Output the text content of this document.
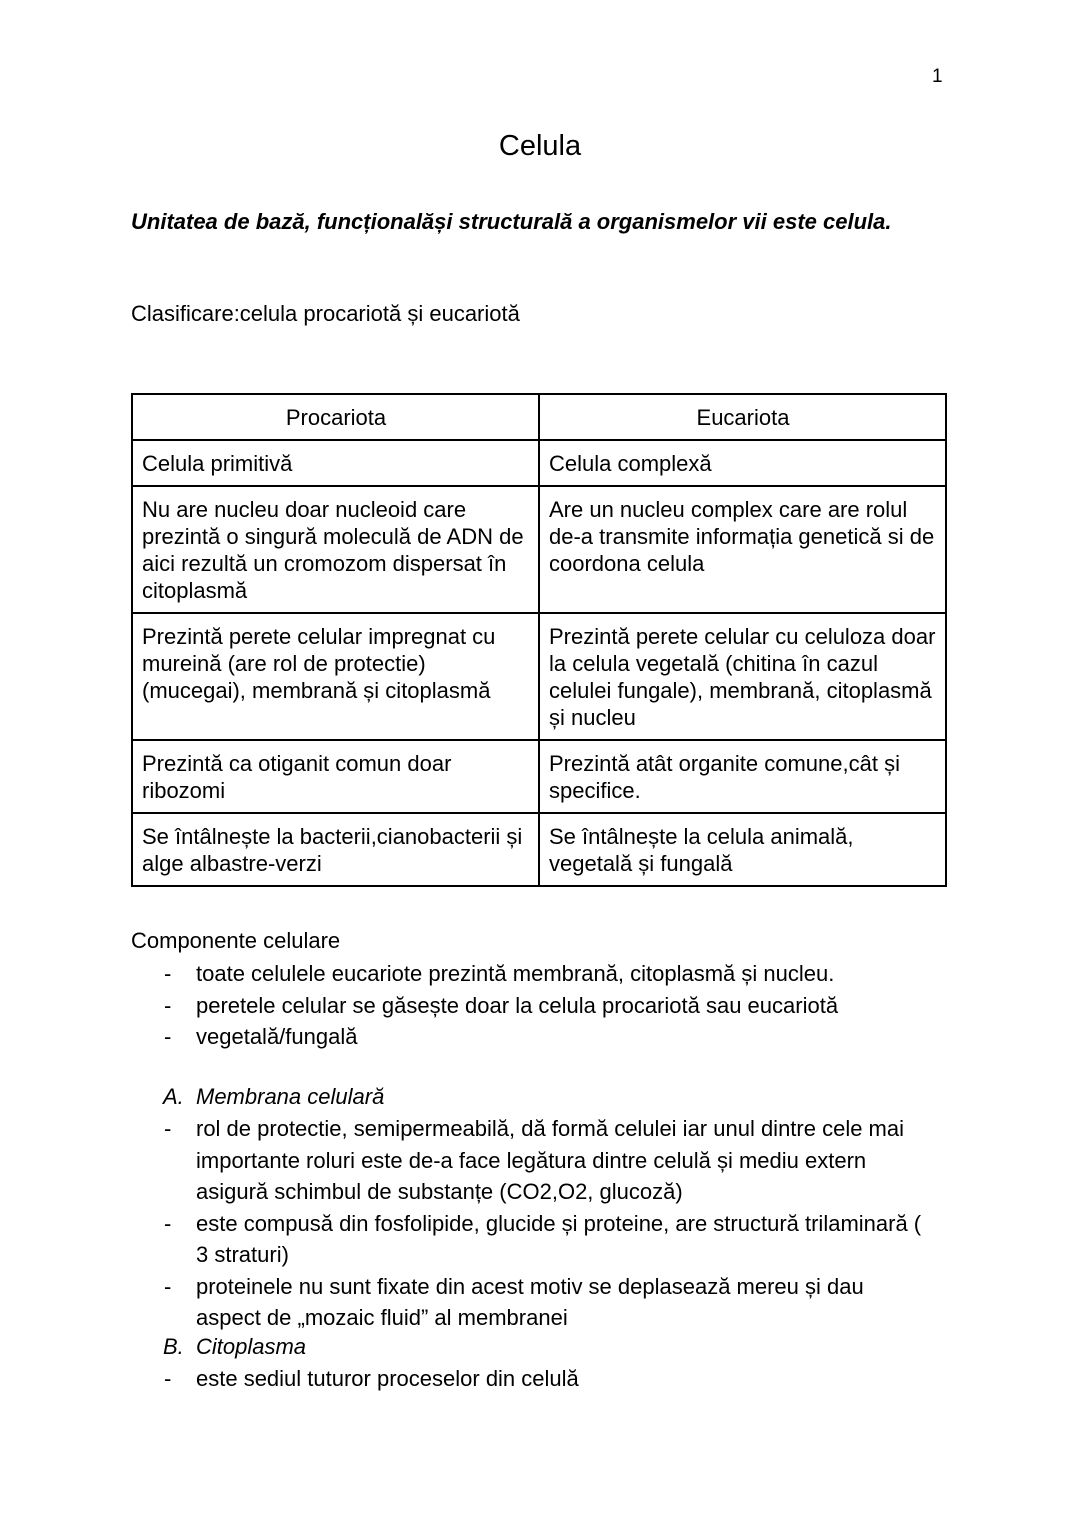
1
Celula
Unitatea de bază, funcționalăși structurală a organismelor vii este celula.
Clasificare:celula procariotă și eucariotă
Procariota	Eucariota
Celula primitivă	Celula complexă
Nu are nucleu doar nucleoid care prezintă o singură moleculă de ADN de aici rezultă un cromozom dispersat în citoplasmă	Are un nucleu complex care are rolul de-a transmite informația genetică si de coordona celula
Prezintă perete celular impregnat cu mureină (are rol de protectie) (mucegai), membrană și citoplasmă	Prezintă perete celular cu celuloza doar la celula vegetală (chitina în cazul celulei fungale), membrană, citoplasmă și nucleu
Prezintă ca otiganit comun doar ribozomi	Prezintă atât organite comune,cât și specifice.
Se întâlnește la bacterii,cianobacterii și alge albastre-verzi	Se întâlnește la celula animală, vegetală și fungală
Componente celulare
- toate celulele eucariote prezintă membrană, citoplasmă și nucleu.
- peretele celular se găsește doar la celula procariotă sau eucariotă
- vegetală/fungală
A. Membrana celulară
- rol de protectie, semipermeabilă, dă formă celulei iar unul dintre cele mai importante roluri este de-a face legătura dintre celulă și mediu extern asigură schimbul de substanțe (CO2,O2, glucoză)
- este compusă din fosfolipide, glucide și proteine, are structură trilaminară ( 3 straturi)
- proteinele nu sunt fixate din acest motiv se deplasează mereu și dau aspect de „mozaic fluid” al membranei
B. Citoplasma
- este sediul tuturor proceselor din celulă
